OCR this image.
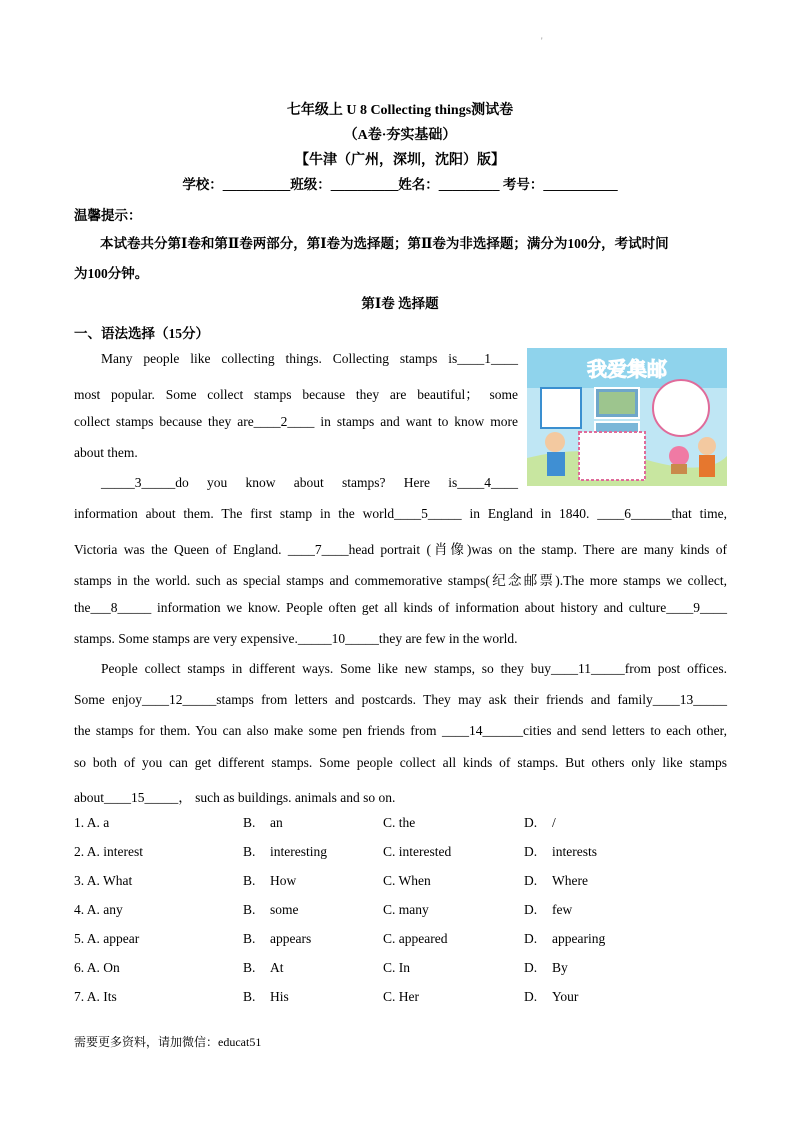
'
七年级上 U 8 Collecting things测试卷
（A卷·夯实基础）
【牛津（广州，深圳，沈阳）版】
学校：__________班级：__________姓名：_________ 考号：___________
温馨提示：
本试卷共分第Ⅰ卷和第Ⅱ卷两部分，第Ⅰ卷为选择题；第Ⅱ卷为非选择题；满分为100分，考试时间
为100分钟。
第Ⅰ卷 选择题
一、语法选择（15分）
Many people like collecting things. Collecting stamps is____1____
most popular. Some collect stamps because they are beautiful； some
collect stamps because they are____2____ in stamps and want to know more
about them.
_____3_____do you know about stamps? Here is____4____
information about them. The first stamp in the world____5_____ in England in 1840. ____6______that time,
Victoria was the Queen of England. ____7____head portrait (肖像)was on the stamp. There are many kinds of
stamps in the world. such as special stamps and commemorative stamps(纪念邮票).The more stamps we collect,
the___8_____ information we know. People often get all kinds of information about history and culture____9____
stamps. Some stamps are very expensive._____10_____they are few in the world.
People collect stamps in different ways. Some like new stamps, so they buy____11_____from post offices.
Some enjoy____12_____stamps from letters and postcards. They may ask their friends and family____13_____
the stamps for them. You can also make some pen friends from ____14______cities and send letters to each other,
so both of you can get different stamps. Some people collect all kinds of stamps. But others only like stamps
about____15_____， such as buildings. animals and so on.
我爱集邮
1. A. a	B. an	C. the	D. /
2. A. interest	B. interesting	C. interested	D. interests
3. A. What	B. How	C. When	D. Where
4. A. any	B. some	C. many	D. few
5. A. appear	B. appears	C. appeared	D. appearing
6. A. On	B. At	C. In	D. By
7. A. Its	B. His	C. Her	D. Your
需要更多资料，请加微信：educat51
